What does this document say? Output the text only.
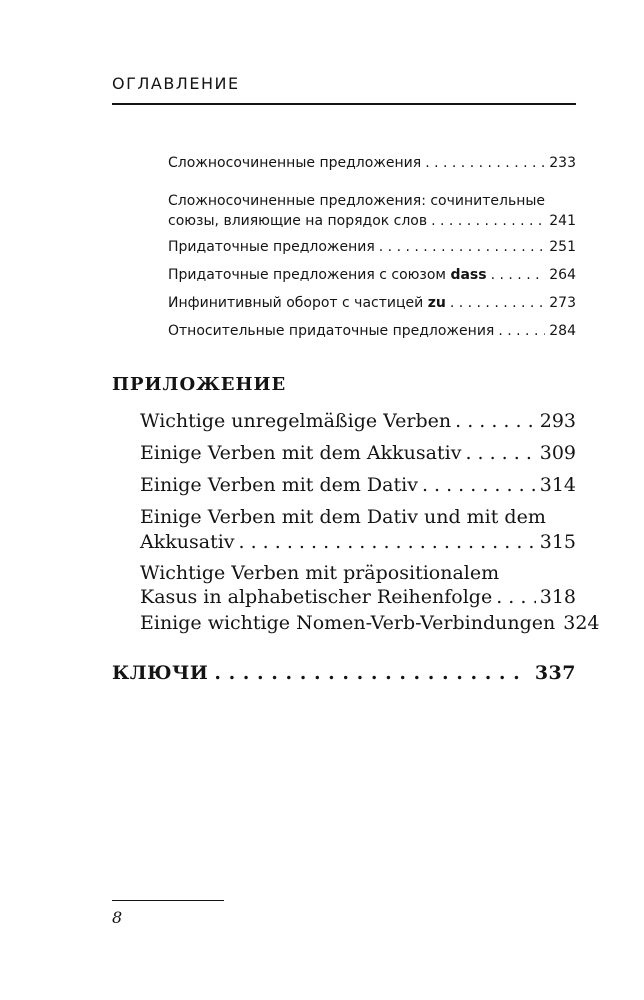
ОГЛАВЛЕНИЕ
Сложносочиненные предложения . . .	233
Сложносочиненные предложения: сочинительные
союзы, влияющие на порядок слов . . .	241
Придаточные предложения . . .	251
Придаточные предложения с союзом dass . . .	264
Инфинитивный оборот с частицей zu . . .	273
Относительные придаточные предложения . . .	284
ПРИЛОЖЕНИЕ
Wichtige unregelmäßige Verben . . .	293
Einige Verben mit dem Akkusativ . . .	309
Einige Verben mit dem Dativ . . .	314
Einige Verben mit dem Dativ und mit dem
Akkusativ . . .	315
Wichtige Verben mit präpositionalem
Kasus in alphabetischer Reihenfolge . . .	318
Einige wichtige Nomen-Verb-Verbindungen 324
КЛЮЧИ . . .	337
8
